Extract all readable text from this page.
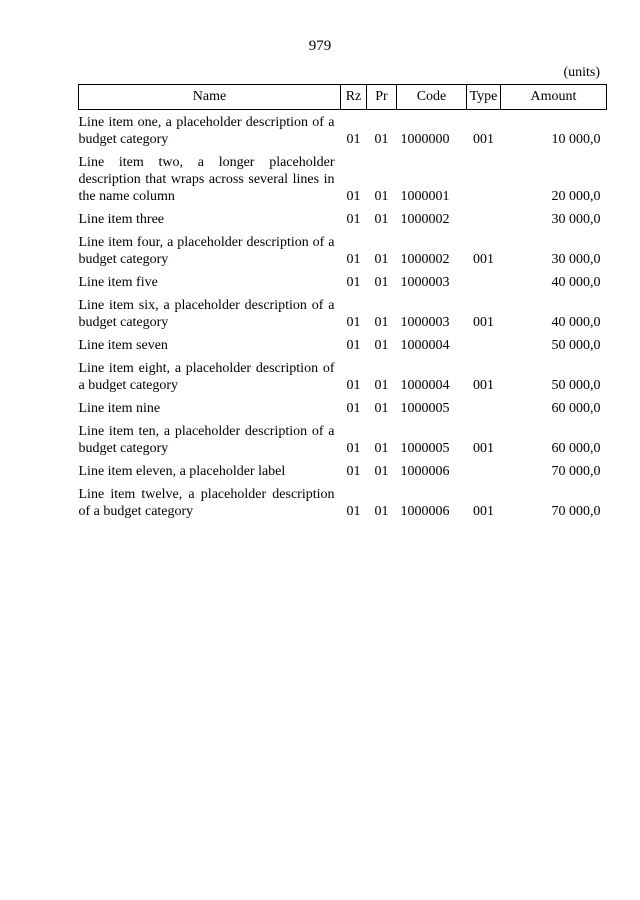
979
(units)
Name	Rz	Pr	Code	Type	Amount
Line item one, a placeholder description of a budget category	01	01	1000000	001	10 000,0
Line item two, a longer placeholder description that wraps across several lines in the name column	01	01	1000001		20 000,0
Line item three	01	01	1000002		30 000,0
Line item four, a placeholder description of a budget category	01	01	1000002	001	30 000,0
Line item five	01	01	1000003		40 000,0
Line item six, a placeholder description of a budget category	01	01	1000003	001	40 000,0
Line item seven	01	01	1000004		50 000,0
Line item eight, a placeholder description of a budget category	01	01	1000004	001	50 000,0
Line item nine	01	01	1000005		60 000,0
Line item ten, a placeholder description of a budget category	01	01	1000005	001	60 000,0
Line item eleven, a placeholder label	01	01	1000006		70 000,0
Line item twelve, a placeholder description of a budget category	01	01	1000006	001	70 000,0
